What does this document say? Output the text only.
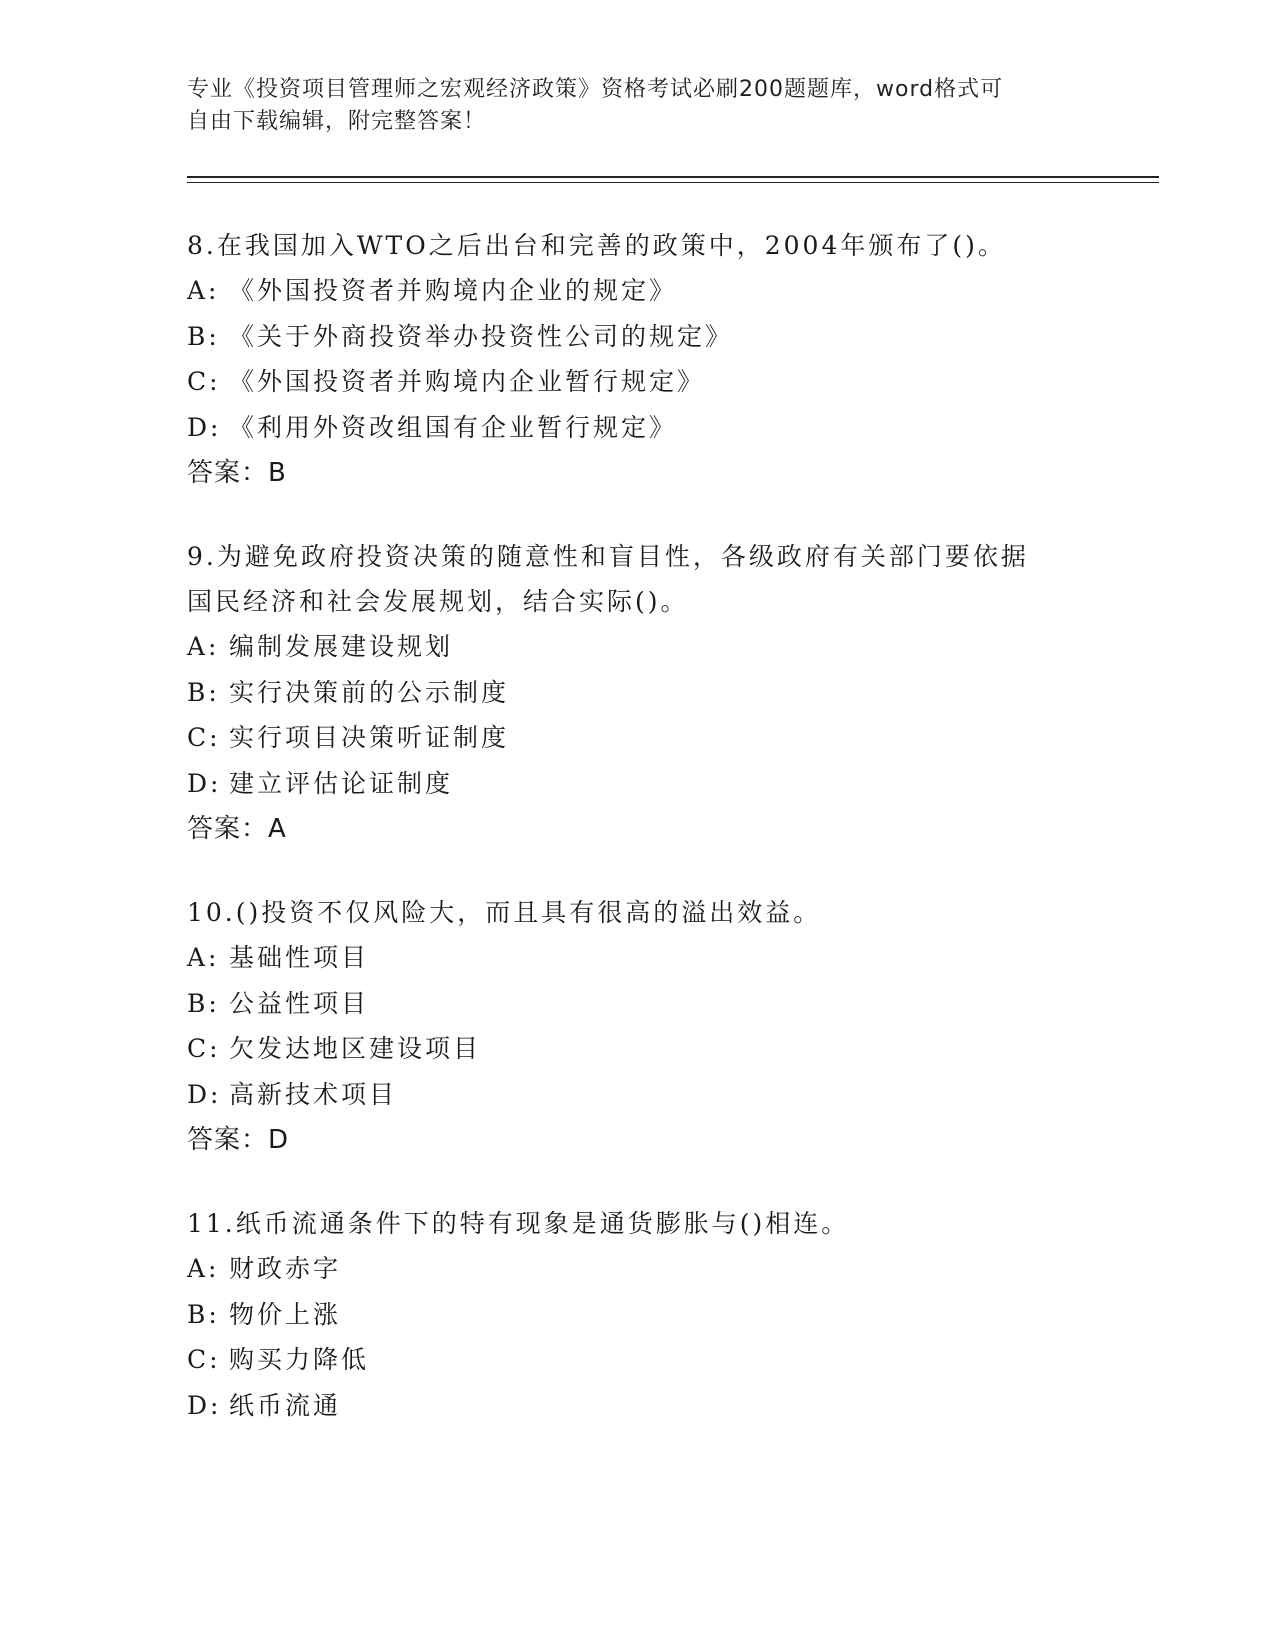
专业《投资项目管理师之宏观经济政策》资格考试必刷200题题库，word格式可
自由下载编辑，附完整答案！
8.在我国加入WTO之后出台和完善的政策中，2004年颁布了()。
A: 《外国投资者并购境内企业的规定》
B: 《关于外商投资举办投资性公司的规定》
C: 《外国投资者并购境内企业暂行规定》
D: 《利用外资改组国有企业暂行规定》
答案：B
9.为避免政府投资决策的随意性和盲目性，各级政府有关部门要依据
国民经济和社会发展规划，结合实际()。
A: 编制发展建设规划
B: 实行决策前的公示制度
C: 实行项目决策听证制度
D: 建立评估论证制度
答案：A
10.()投资不仅风险大，而且具有很高的溢出效益。
A: 基础性项目
B: 公益性项目
C: 欠发达地区建设项目
D: 高新技术项目
答案：D
11.纸币流通条件下的特有现象是通货膨胀与()相连。
A: 财政赤字
B: 物价上涨
C: 购买力降低
D: 纸币流通
